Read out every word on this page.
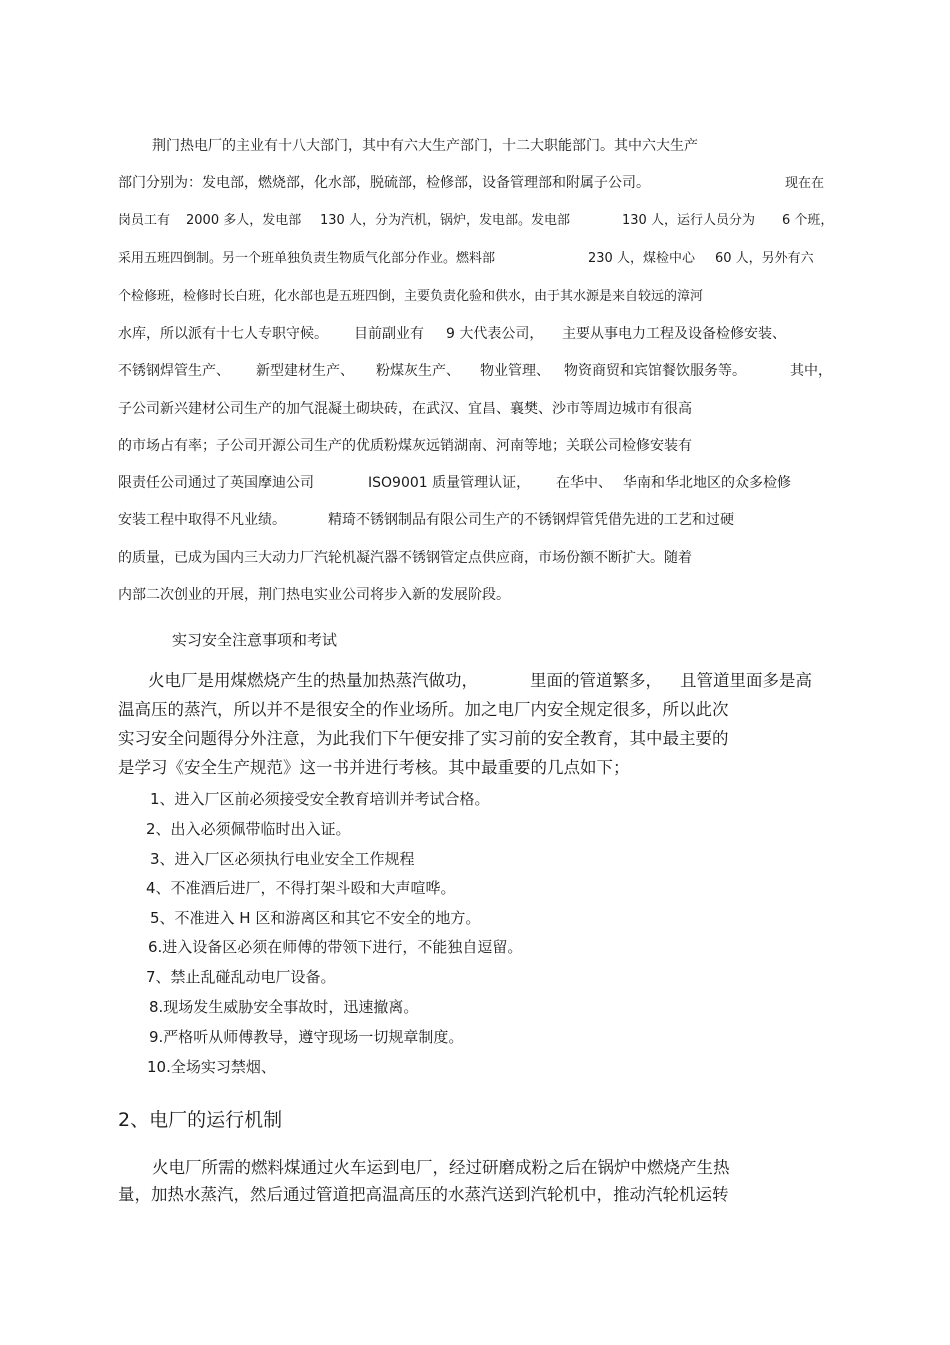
荆门热电厂的主业有十八大部门，其中有六大生产部门，十二大职能部门。其中六大生产
部门分别为：发电部，燃烧部，化水部，脱硫部，检修部，设备管理部和附属子公司。	现在在
岗员工有 2000 多人，发电部 130 人，分为汽机，锅炉，发电部。发电部	130 人，运行人员分为 6 个班，
采用五班四倒制。另一个班单独负责生物质气化部分作业。燃料部	230 人，煤检中心 60 人，另外有六
个检修班，检修时长白班，化水部也是五班四倒，主要负责化验和供水，由于其水源是来自较远的漳河
水库，所以派有十七人专职守候。 目前副业有 9 大代表公司， 主要从事电力工程及设备检修安装、
不锈钢焊管生产、 新型建材生产、 粉煤灰生产、 物业管理、 物资商贸和宾馆餐饮服务等。	其中，
子公司新兴建材公司生产的加气混凝土砌块砖，在武汉、宜昌、襄樊、沙市等周边城市有很高
的市场占有率；子公司开源公司生产的优质粉煤灰远销湖南、河南等地；关联公司检修安装有
限责任公司通过了英国摩迪公司	ISO9001 质量管理认证， 在华中、 华南和华北地区的众多检修
安装工程中取得不凡业绩。	精琦不锈钢制品有限公司生产的不锈钢焊管凭借先进的工艺和过硬
的质量，已成为国内三大动力厂汽轮机凝汽器不锈钢管定点供应商，市场份额不断扩大。随着
内部二次创业的开展，荆门热电实业公司将步入新的发展阶段。
实习安全注意事项和考试
火电厂是用煤燃烧产生的热量加热蒸汽做功，	里面的管道繁多， 且管道里面多是高
温高压的蒸汽，所以并不是很安全的作业场所。加之电厂内安全规定很多，所以此次
实习安全问题得分外注意，为此我们下午便安排了实习前的安全教育，其中最主要的
是学习《安全生产规范》这一书并进行考核。其中最重要的几点如下；
1、进入厂区前必须接受安全教育培训并考试合格。
2、出入必须佩带临时出入证。
3、进入厂区必须执行电业安全工作规程
4、不准酒后进厂，不得打架斗殴和大声喧哗。
5、不准进入 H 区和游离区和其它不安全的地方。
6.进入设备区必须在师傅的带领下进行，不能独自逗留。
7、禁止乱碰乱动电厂设备。
8.现场发生威胁安全事故时，迅速撤离。
9.严格听从师傅教导，遵守现场一切规章制度。
10.全场实习禁烟、
2、电厂的运行机制
火电厂所需的燃料煤通过火车运到电厂，经过研磨成粉之后在锅炉中燃烧产生热
量，加热水蒸汽，然后通过管道把高温高压的水蒸汽送到汽轮机中，推动汽轮机运转
